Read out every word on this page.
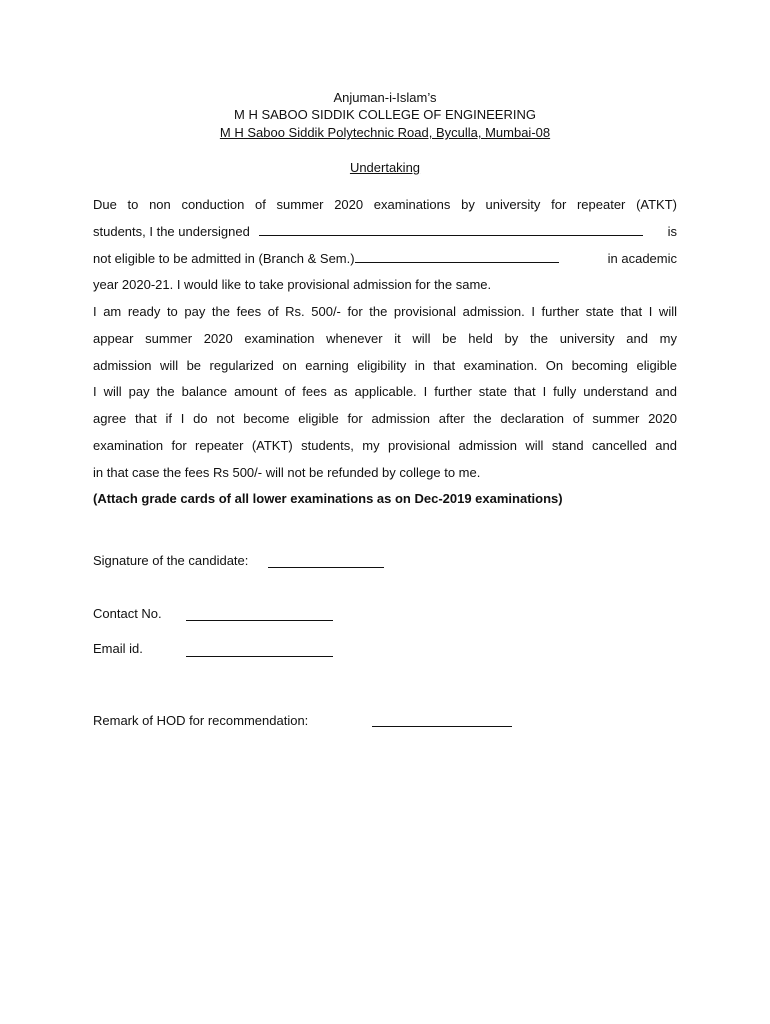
Anjuman-i-Islam’s
M H SABOO SIDDIK COLLEGE OF ENGINEERING
M H Saboo Siddik Polytechnic Road, Byculla, Mumbai-08
Undertaking
Due to non conduction of summer 2020 examinations by university for repeater (ATKT)
students, I the undersigned	is
not eligible to be admitted in (Branch & Sem.)	in academic
year 2020-21. I would like to take provisional admission for the same.
I am ready to pay the fees of Rs. 500/- for the provisional admission. I further state that I will
appear summer 2020 examination whenever it will be held by the university and my
admission will be regularized on earning eligibility in that examination. On becoming eligible
I will pay the balance amount of fees as applicable. I further state that I fully understand and
agree that if I do not become eligible for admission after the declaration of summer 2020
examination for repeater (ATKT) students, my provisional admission will stand cancelled and
in that case the fees Rs 500/- will not be refunded by college to me.
(Attach grade cards of all lower examinations as on Dec-2019 examinations)
Signature of the candidate:
Contact No.
Email id.
Remark of HOD for recommendation:
